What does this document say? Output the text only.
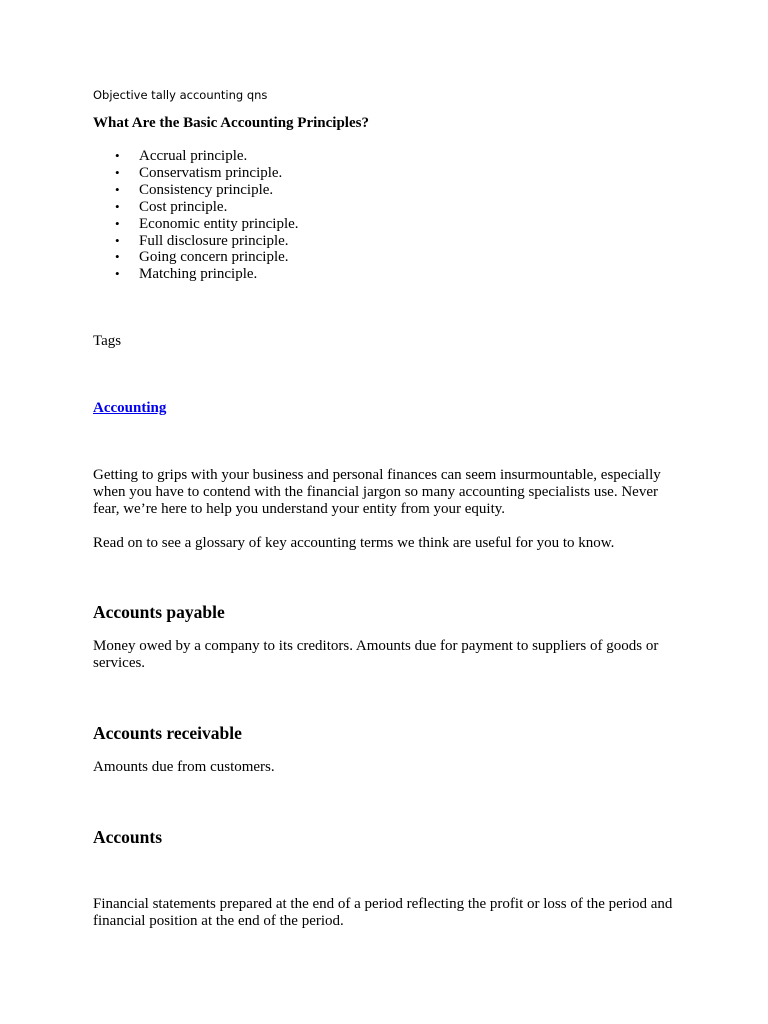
Objective tally accounting qns
What Are the Basic Accounting Principles?
• Accrual principle.
• Conservatism principle.
• Consistency principle.
• Cost principle.
• Economic entity principle.
• Full disclosure principle.
• Going concern principle.
• Matching principle.
Tags
Accounting

Getting to grips with your business and personal finances can seem insurmountable, especially when you have to contend with the financial jargon so many accounting specialists use. Never fear, we’re here to help you understand your entity from your equity.

Read on to see a glossary of key accounting terms we think are useful for you to know.

Accounts payable

Money owed by a company to its creditors. Amounts due for payment to suppliers of goods or services.

Accounts receivable

Amounts due from customers.

Accounts

Financial statements prepared at the end of a period reflecting the profit or loss of the period and financial position at the end of the period.
